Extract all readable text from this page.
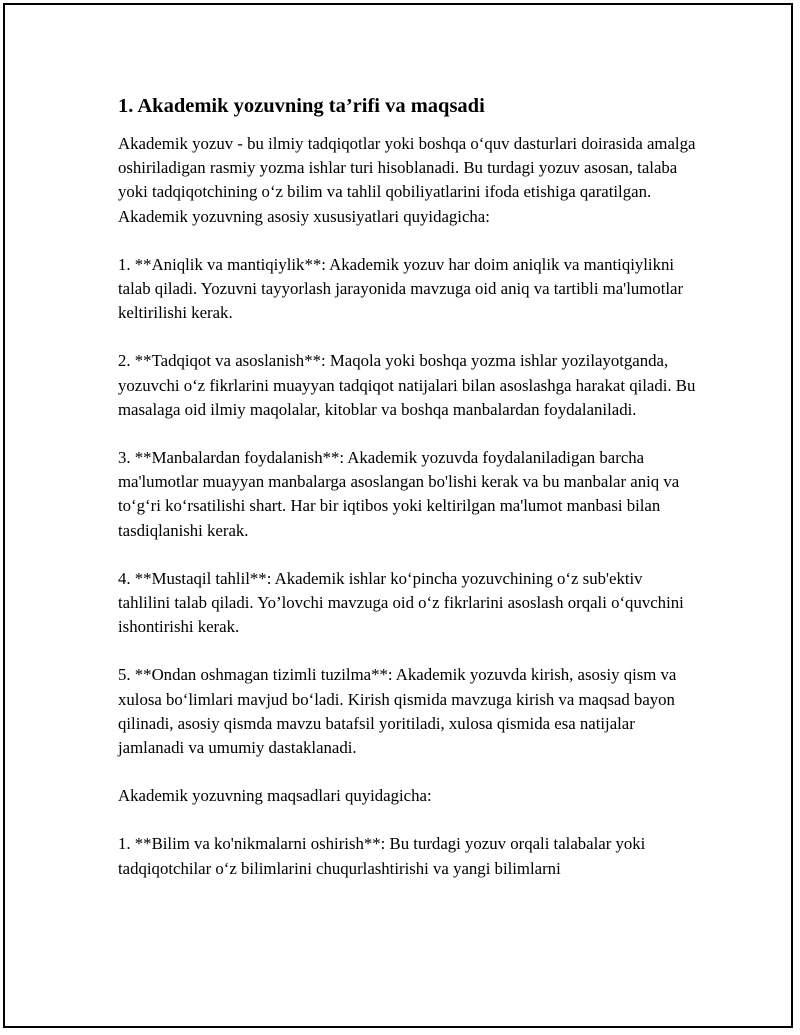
1. Akademik yozuvning ta’rifi va maqsadi

Akademik yozuv - bu ilmiy tadqiqotlar yoki boshqa o‘quv dasturlari doirasida amalga oshiriladigan rasmiy yozma ishlar turi hisoblanadi. Bu turdagi yozuv asosan, talaba yoki tadqiqotchining o‘z bilim va tahlil qobiliyatlarini ifoda etishiga qaratilgan. Akademik yozuvning asosiy xususiyatlari quyidagicha:

1. **Aniqlik va mantiqiylik**: Akademik yozuv har doim aniqlik va mantiqiylikni talab qiladi. Yozuvni tayyorlash jarayonida mavzuga oid aniq va tartibli ma'lumotlar keltirilishi kerak.

2. **Tadqiqot va asoslanish**: Maqola yoki boshqa yozma ishlar yozilayotganda, yozuvchi o‘z fikrlarini muayyan tadqiqot natijalari bilan asoslashga harakat qiladi. Bu masalaga oid ilmiy maqolalar, kitoblar va boshqa manbalardan foydalaniladi.

3. **Manbalardan foydalanish**: Akademik yozuvda foydalaniladigan barcha ma'lumotlar muayyan manbalarga asoslangan bo'lishi kerak va bu manbalar aniq va to‘g‘ri ko‘rsatilishi shart. Har bir iqtibos yoki keltirilgan ma'lumot manbasi bilan tasdiqlanishi kerak.

4. **Mustaqil tahlil**: Akademik ishlar ko‘pincha yozuvchining o‘z sub'ektiv tahlilini talab qiladi. Yo’lovchi mavzuga oid o‘z fikrlarini asoslash orqali o‘quvchini ishontirishi kerak.

5. **Ondan oshmagan tizimli tuzilma**: Akademik yozuvda kirish, asosiy qism va xulosa bo‘limlari mavjud bo‘ladi. Kirish qismida mavzuga kirish va maqsad bayon qilinadi, asosiy qismda mavzu batafsil yoritiladi, xulosa qismida esa natijalar jamlanadi va umumiy dastaklanadi.

Akademik yozuvning maqsadlari quyidagicha:

1. **Bilim va ko'nikmalarni oshirish**: Bu turdagi yozuv orqali talabalar yoki tadqiqotchilar o‘z bilimlarini chuqurlashtirishi va yangi bilimlarni
